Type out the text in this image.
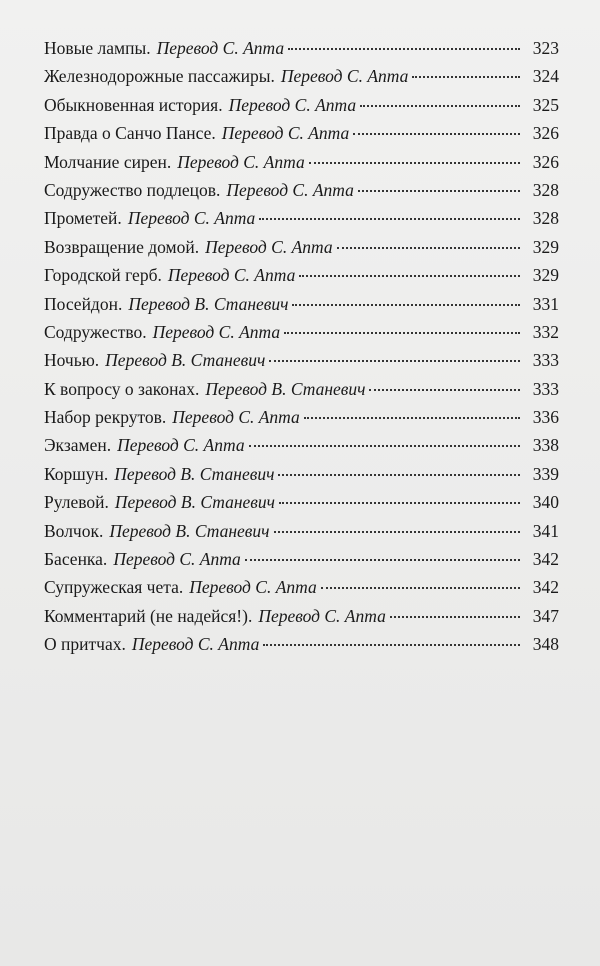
Новые лампы. Перевод С. Апта	323
Железнодорожные пассажиры. Перевод С. Апта	324
Обыкновенная история. Перевод С. Апта	325
Правда о Санчо Пансе. Перевод С. Апта	326
Молчание сирен. Перевод С. Апта	326
Содружество подлецов. Перевод С. Апта	328
Прометей. Перевод С. Апта	328
Возвращение домой. Перевод С. Апта	329
Городской герб. Перевод С. Апта	329
Посейдон. Перевод В. Станевич	331
Содружество. Перевод С. Апта	332
Ночью. Перевод В. Станевич	333
К вопросу о законах. Перевод В. Станевич	333
Набор рекрутов. Перевод С. Апта	336
Экзамен. Перевод С. Апта	338
Коршун. Перевод В. Станевич	339
Рулевой. Перевод В. Станевич	340
Волчок. Перевод В. Станевич	341
Басенка. Перевод С. Апта	342
Супружеская чета. Перевод С. Апта	342
Комментарий (не надейся!). Перевод С. Апта	347
О притчах. Перевод С. Апта	348
